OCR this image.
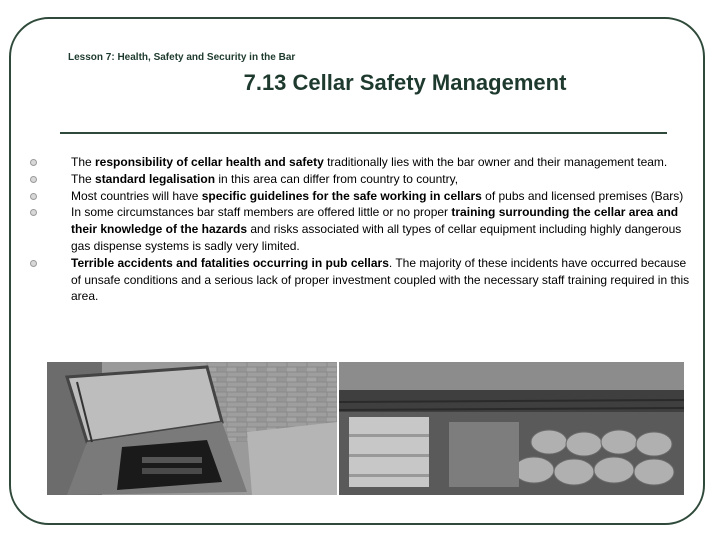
Lesson 7: Health, Safety and Security in the Bar
7.13 Cellar Safety Management
The responsibility of cellar health and safety traditionally lies with the bar owner and their management team.
The standard legalisation in this area can differ from country to country,
Most countries will have specific guidelines for the safe working in cellars of pubs and licensed premises (Bars)
In some circumstances bar staff members are offered little or no proper training surrounding the cellar area and their knowledge of the hazards and risks associated with all types of cellar equipment including highly dangerous gas dispense systems is sadly very limited.
Terrible accidents and fatalities occurring in pub cellars. The majority of these incidents have occurred because of unsafe conditions and a serious lack of proper investment coupled with the necessary staff training required in this area.
